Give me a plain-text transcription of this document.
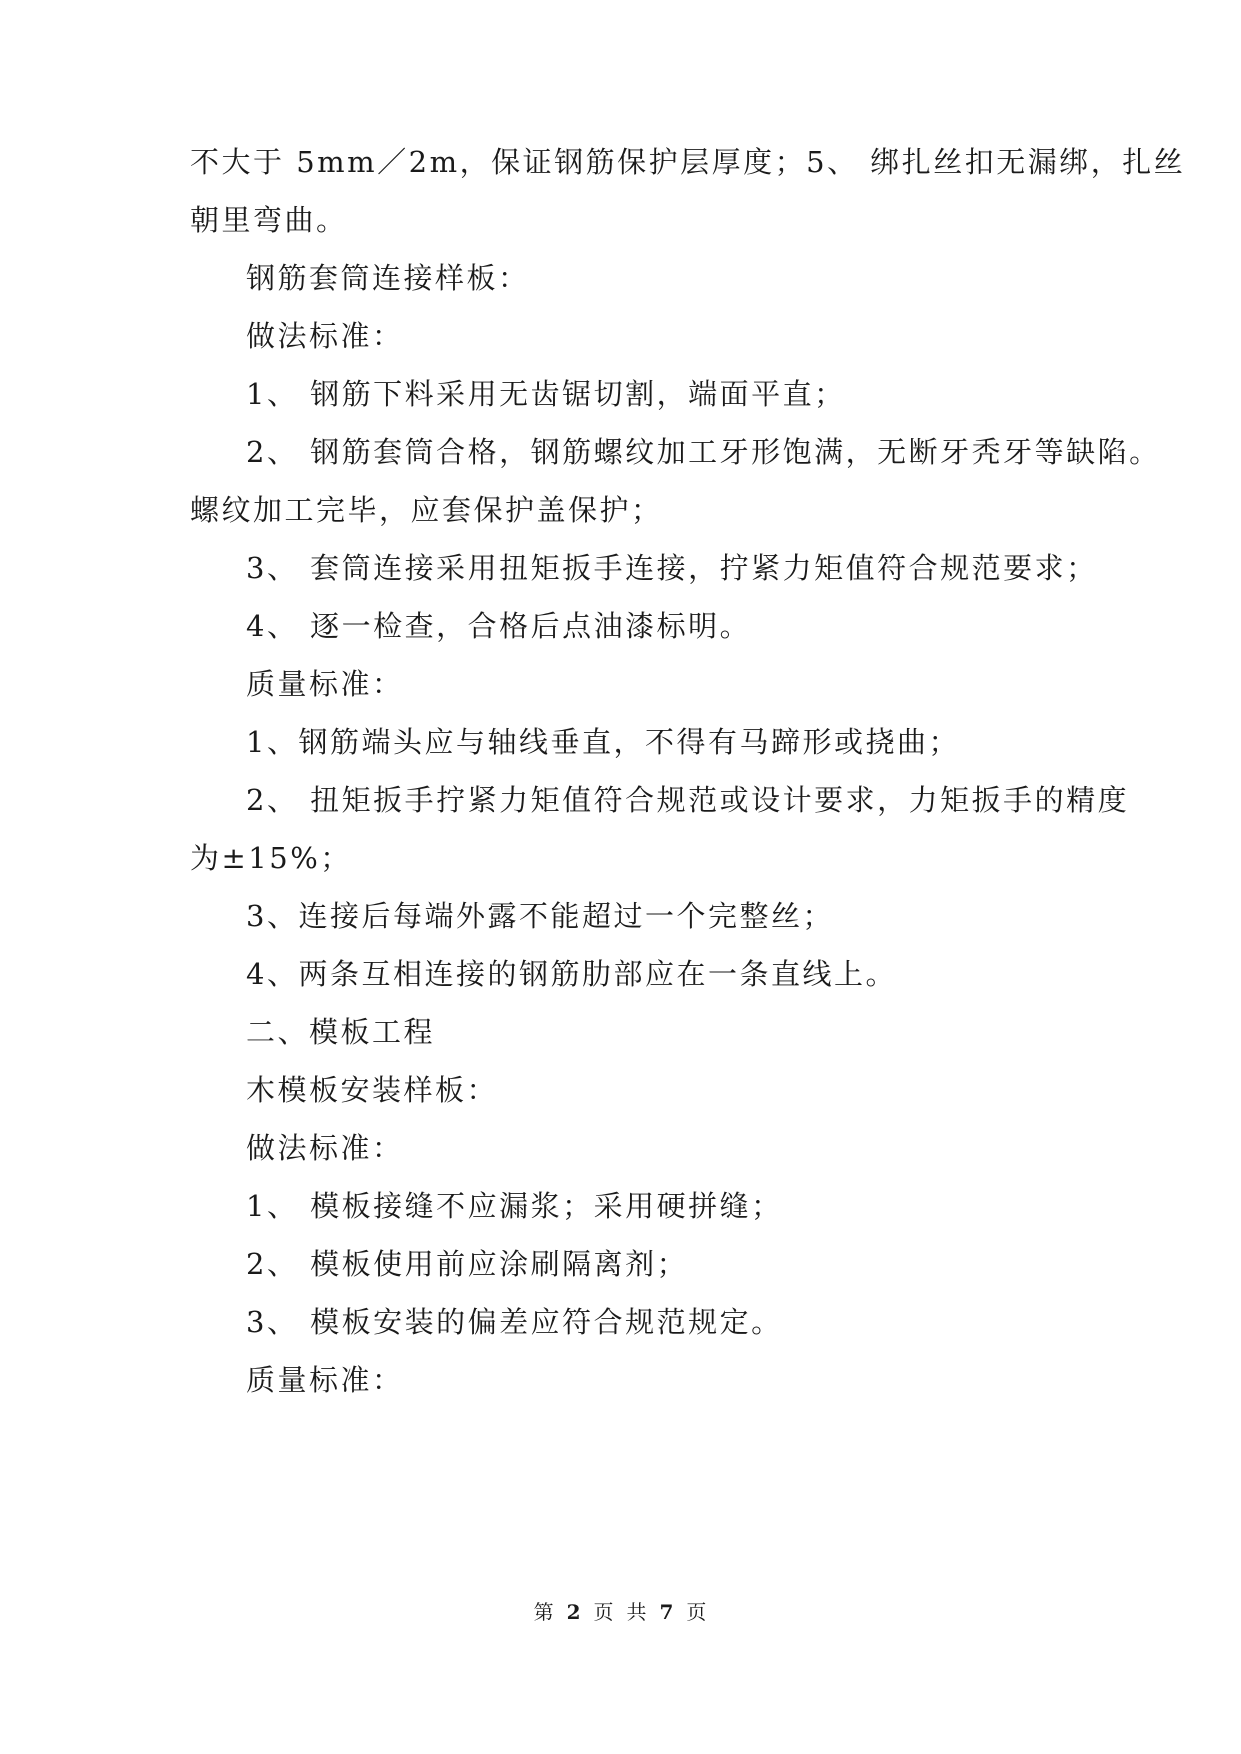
不大于 5mm／2m，保证钢筋保护层厚度；5、 绑扎丝扣无漏绑，扎丝
朝里弯曲。
钢筋套筒连接样板：
做法标准：
1、 钢筋下料采用无齿锯切割，端面平直；
2、 钢筋套筒合格，钢筋螺纹加工牙形饱满，无断牙秃牙等缺陷。
螺纹加工完毕，应套保护盖保护；
3、 套筒连接采用扭矩扳手连接，拧紧力矩值符合规范要求；
4、 逐一检查，合格后点油漆标明。
质量标准：
1、钢筋端头应与轴线垂直，不得有马蹄形或挠曲；
2、 扭矩扳手拧紧力矩值符合规范或设计要求，力矩扳手的精度
为±15%；
3、连接后每端外露不能超过一个完整丝；
4、两条互相连接的钢筋肋部应在一条直线上。
二、模板工程
木模板安装样板：
做法标准：
1、 模板接缝不应漏浆；采用硬拼缝；
2、 模板使用前应涂刷隔离剂；
3、 模板安装的偏差应符合规范规定。
质量标准：
第 2 页 共 7 页
